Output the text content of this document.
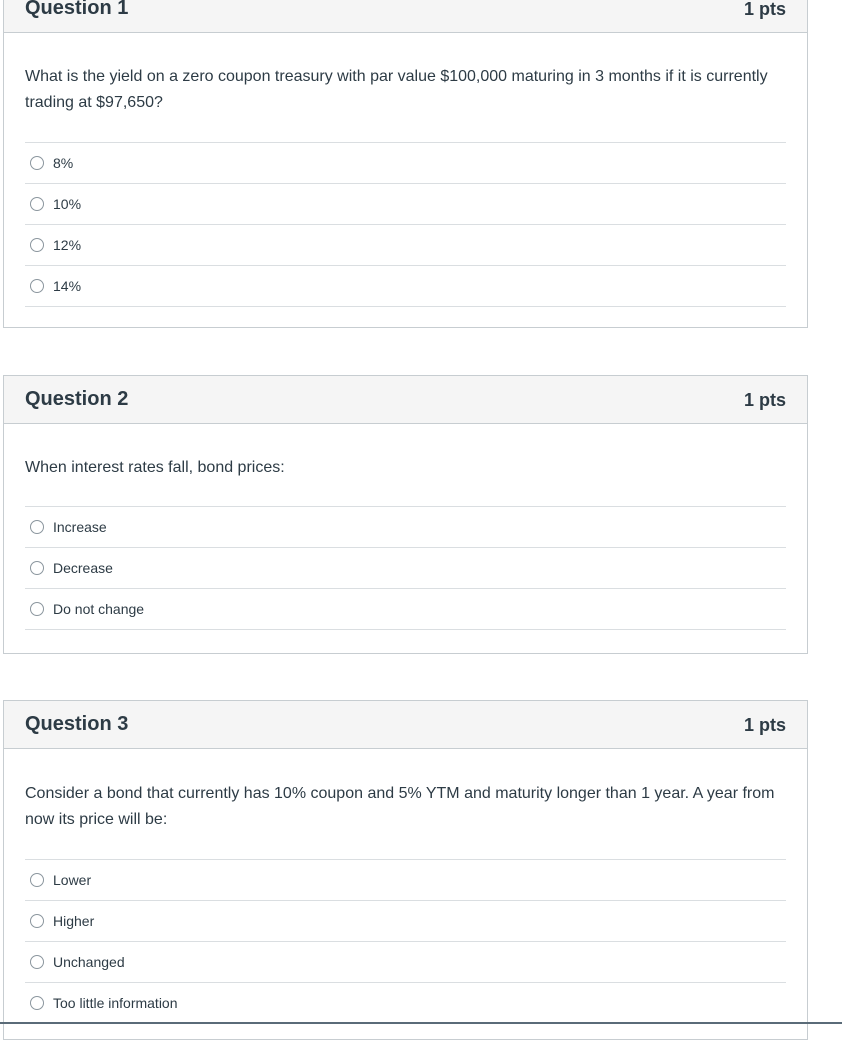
Question 1	1 pts
What is the yield on a zero coupon treasury with par value $100,000 maturing in 3 months if it is currently trading at $97,650?
8%
10%
12%
14%
Question 2	1 pts
When interest rates fall, bond prices:
Increase
Decrease
Do not change
Question 3	1 pts
Consider a bond that currently has 10% coupon and 5% YTM and maturity longer than 1 year. A year from now its price will be:
Lower
Higher
Unchanged
Too little information
